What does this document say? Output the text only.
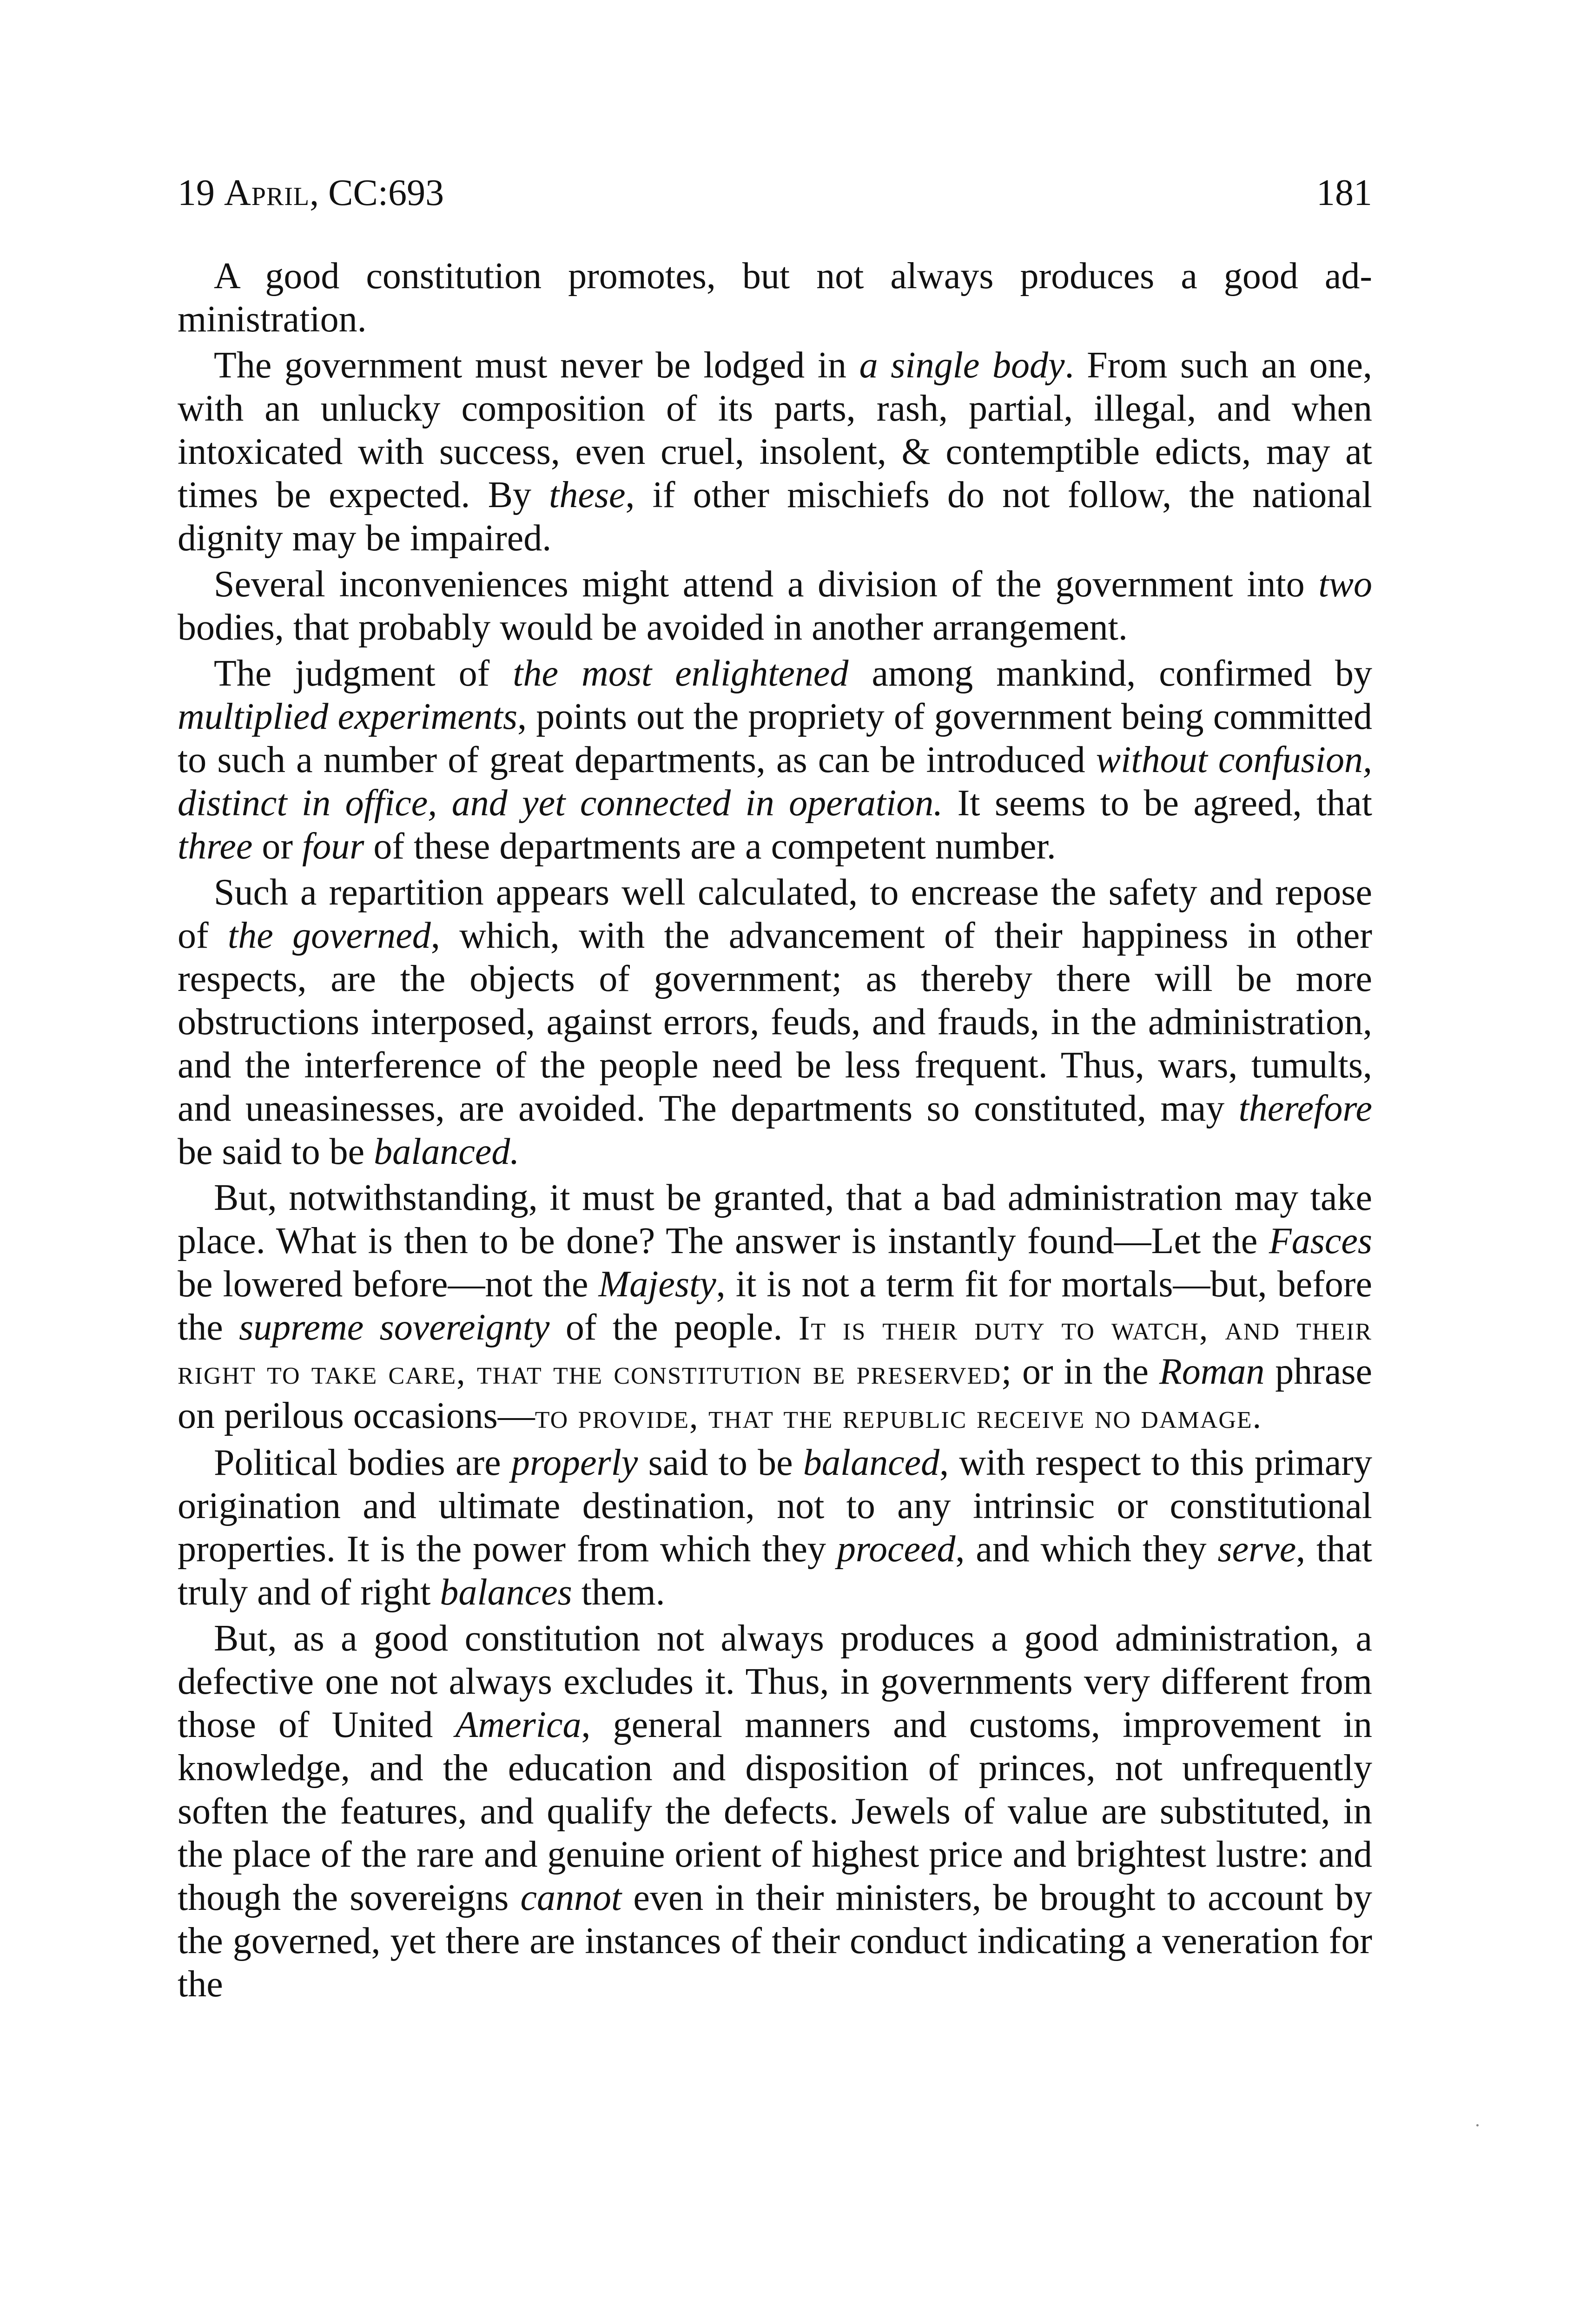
19 April, CC:693	181

A good constitution promotes, but not always produces a good administration.

The government must never be lodged in a single body. From such an one, with an unlucky composition of its parts, rash, partial, illegal, and when intoxicated with success, even cruel, insolent, & contemptible edicts, may at times be expected. By these, if other mischiefs do not follow, the national dignity may be impaired.

Several inconveniences might attend a division of the government into two bodies, that probably would be avoided in another arrangement.

The judgment of the most enlightened among mankind, confirmed by multiplied experiments, points out the propriety of government being committed to such a number of great departments, as can be introduced without confusion, distinct in office, and yet connected in operation. It seems to be agreed, that three or four of these departments are a competent number.

Such a repartition appears well calculated, to encrease the safety and repose of the governed, which, with the advancement of their happiness in other respects, are the objects of government; as thereby there will be more obstructions interposed, against errors, feuds, and frauds, in the administration, and the interference of the people need be less frequent. Thus, wars, tumults, and uneasinesses, are avoided. The departments so constituted, may therefore be said to be balanced.

But, notwithstanding, it must be granted, that a bad administration may take place. What is then to be done? The answer is instantly found—Let the Fasces be lowered before—not the Majesty, it is not a term fit for mortals—but, before the supreme sovereignty of the people. It is their duty to watch, and their right to take care, that the constitution be preserved; or in the Roman phrase on perilous occasions—to provide, that the republic receive no damage.

Political bodies are properly said to be balanced, with respect to this primary origination and ultimate destination, not to any intrinsic or constitutional properties. It is the power from which they proceed, and which they serve, that truly and of right balances them.

But, as a good constitution not always produces a good administration, a defective one not always excludes it. Thus, in governments very different from those of United America, general manners and customs, improvement in knowledge, and the education and disposition of princes, not unfrequently soften the features, and qualify the defects. Jewels of value are substituted, in the place of the rare and genuine orient of highest price and brightest lustre: and though the sovereigns cannot even in their ministers, be brought to account by the governed, yet there are instances of their conduct indicating a veneration for the
